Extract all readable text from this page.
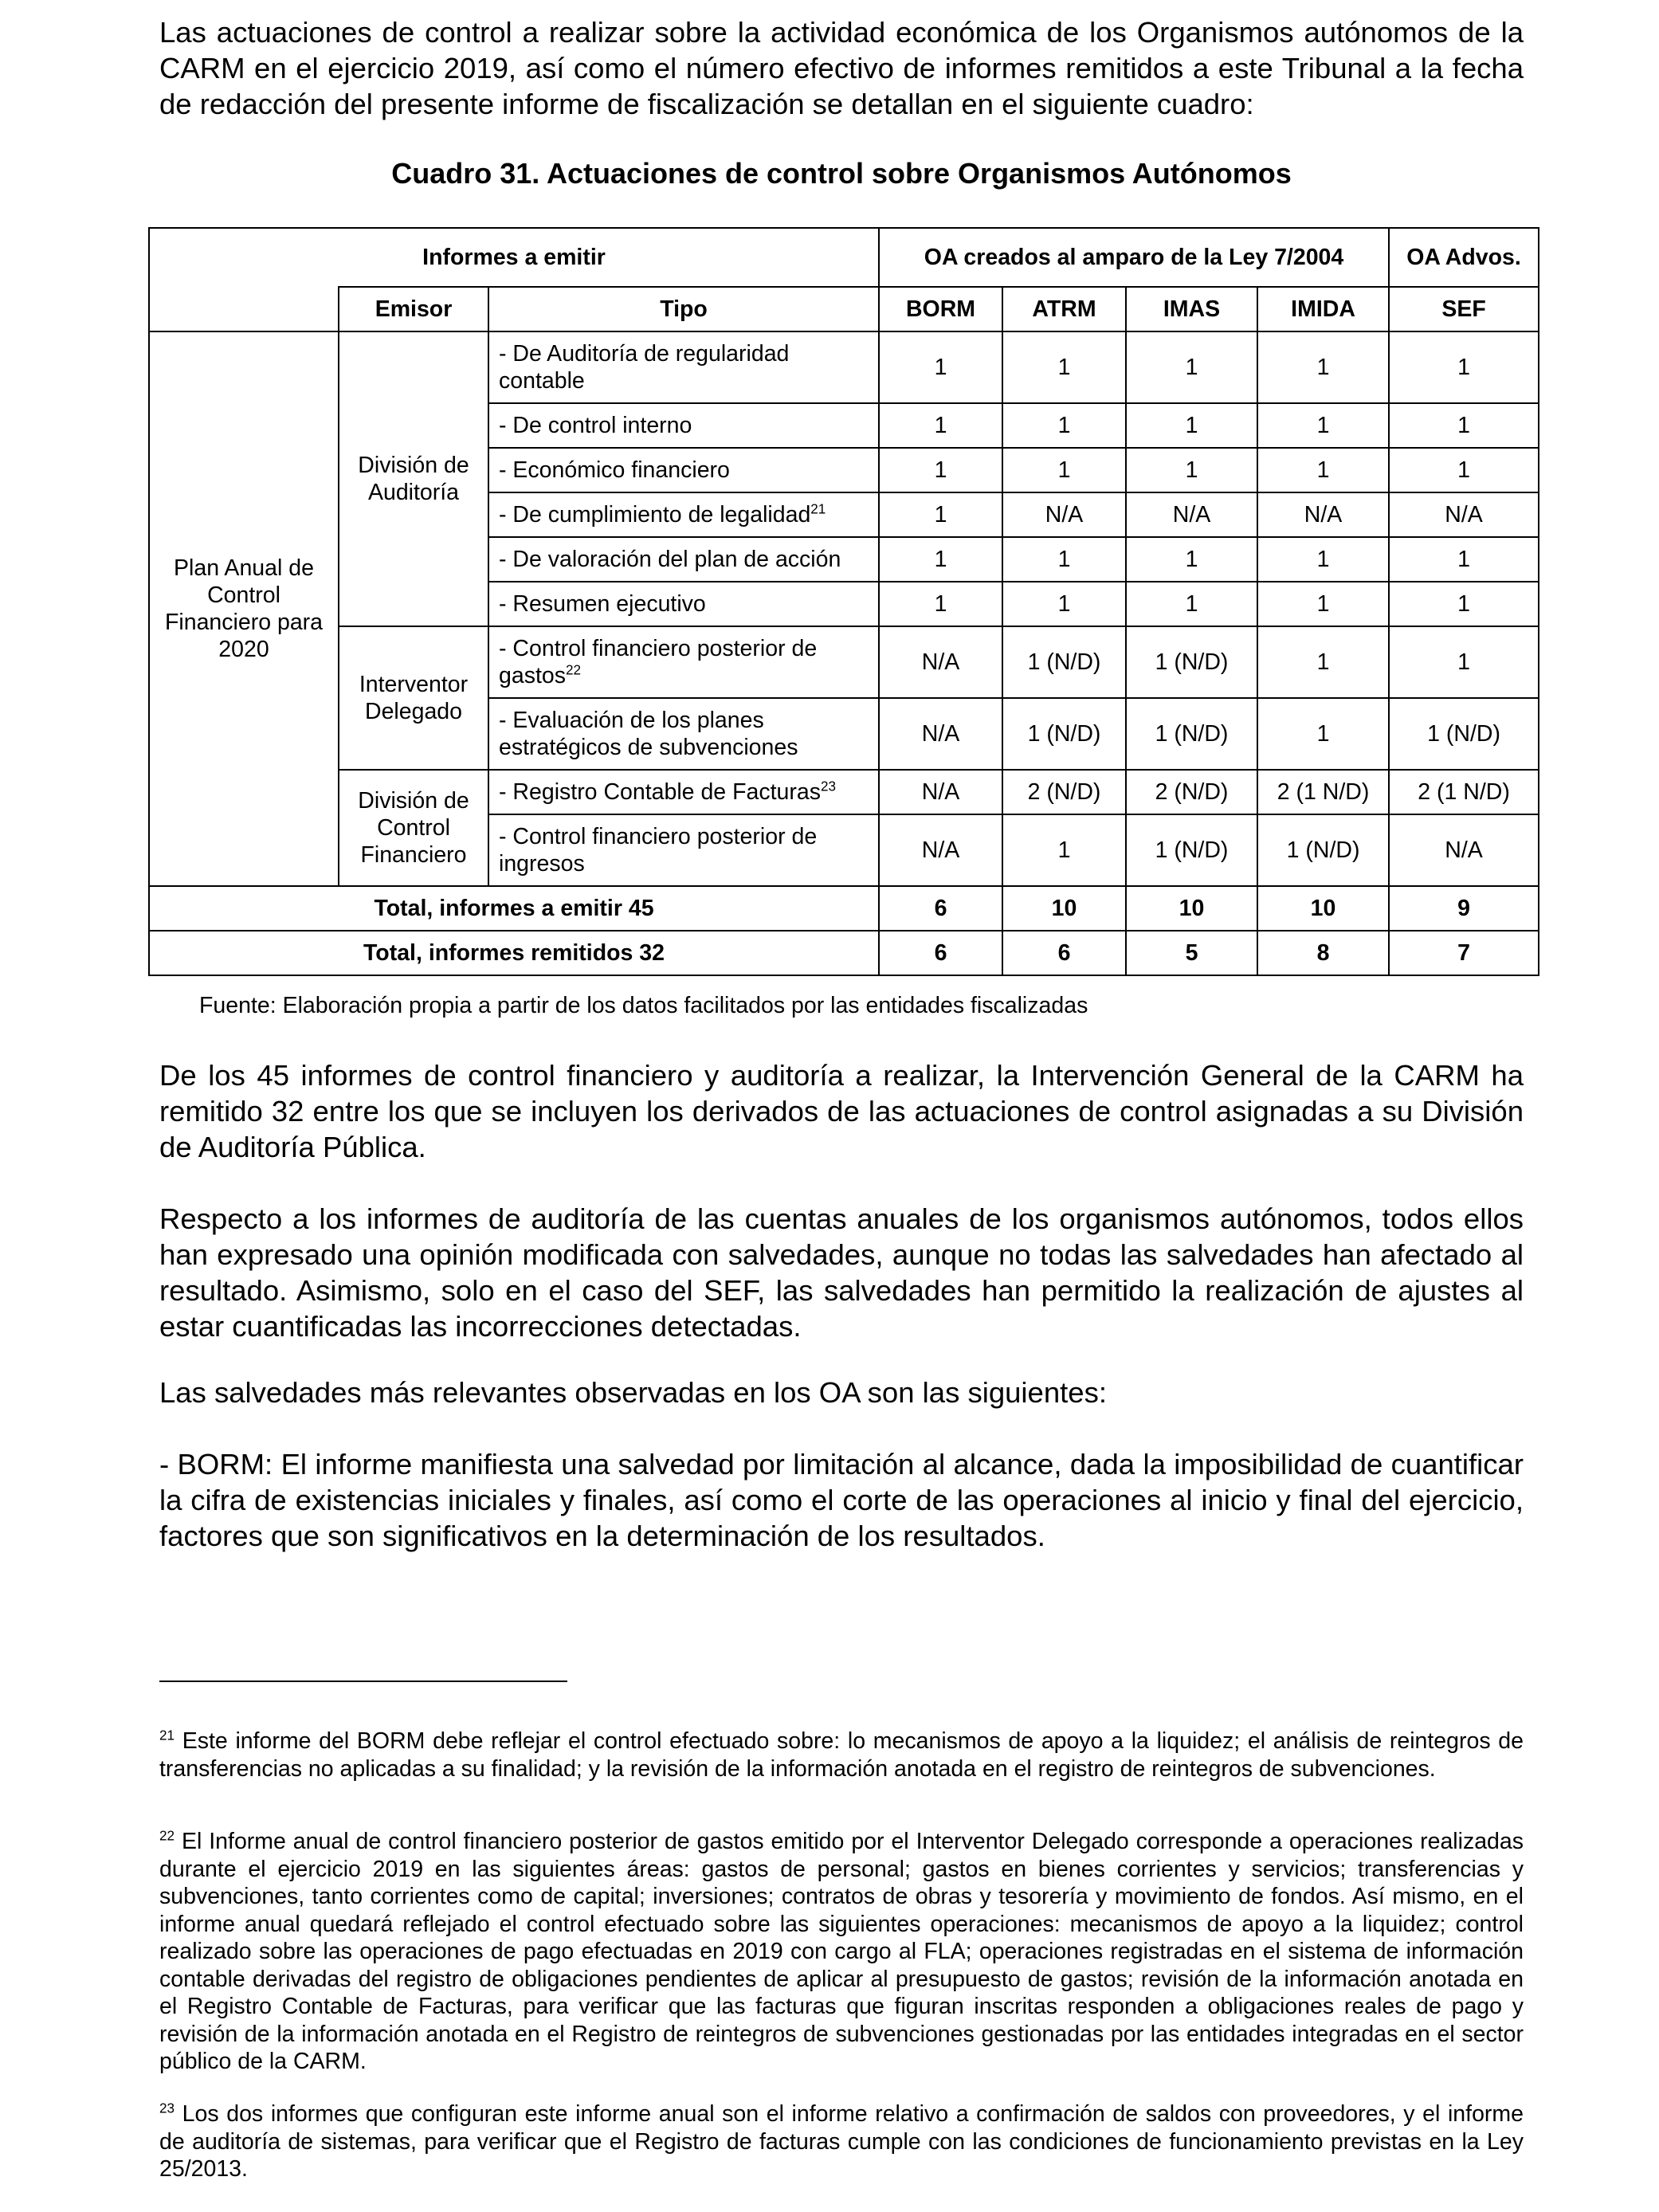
Las actuaciones de control a realizar sobre la actividad económica de los Organismos autónomos de la CARM en el ejercicio 2019, así como el número efectivo de informes remitidos a este Tribunal a la fecha de redacción del presente informe de fiscalización se detallan en el siguiente cuadro:

Cuadro 31. Actuaciones de control sobre Organismos Autónomos

Informes a emitir			OA creados al amparo de la Ley 7/2004				OA Advos.
	Emisor	Tipo	BORM	ATRM	IMAS	IMIDA	SEF
Plan Anual de Control Financiero para 2020	División de Auditoría	- De Auditoría de regularidad contable	1	1	1	1	1
		- De control interno	1	1	1	1	1
		- Económico financiero	1	1	1	1	1
		- De cumplimiento de legalidad$^{21}$	1	N/A	N/A	N/A	N/A
		- De valoración del plan de acción	1	1	1	1	1
		- Resumen ejecutivo	1	1	1	1	1
	Interventor Delegado	- Control financiero posterior de gastos$^{22}$	N/A	1 (N/D)	1 (N/D)	1	1
		- Evaluación de los planes estratégicos de subvenciones	N/A	1 (N/D)	1 (N/D)	1	1 (N/D)
	División de Control Financiero	- Registro Contable de Facturas$^{23}$	N/A	2 (N/D)	2 (N/D)	2 (1 N/D)	2 (1 N/D)
		- Control financiero posterior de ingresos	N/A	1	1 (N/D)	1 (N/D)	N/A
Total, informes a emitir 45			6	10	10	10	9
Total, informes remitidos 32			6	6	5	8	7

Fuente: Elaboración propia a partir de los datos facilitados por las entidades fiscalizadas

De los 45 informes de control financiero y auditoría a realizar, la Intervención General de la CARM ha remitido 32 entre los que se incluyen los derivados de las actuaciones de control asignadas a su División de Auditoría Pública.

Respecto a los informes de auditoría de las cuentas anuales de los organismos autónomos, todos ellos han expresado una opinión modificada con salvedades, aunque no todas las salvedades han afectado al resultado. Asimismo, solo en el caso del SEF, las salvedades han permitido la realización de ajustes al estar cuantificadas las incorrecciones detectadas.

Las salvedades más relevantes observadas en los OA son las siguientes:

- BORM: El informe manifiesta una salvedad por limitación al alcance, dada la imposibilidad de cuantificar la cifra de existencias iniciales y finales, así como el corte de las operaciones al inicio y final del ejercicio, factores que son significativos en la determinación de los resultados.

$^{21}$ Este informe del BORM debe reflejar el control efectuado sobre: lo mecanismos de apoyo a la liquidez; el análisis de reintegros de transferencias no aplicadas a su finalidad; y la revisión de la información anotada en el registro de reintegros de subvenciones.

$^{22}$ El Informe anual de control financiero posterior de gastos emitido por el Interventor Delegado corresponde a operaciones realizadas durante el ejercicio 2019 en las siguientes áreas: gastos de personal; gastos en bienes corrientes y servicios; transferencias y subvenciones, tanto corrientes como de capital; inversiones; contratos de obras y tesorería y movimiento de fondos. Así mismo, en el informe anual quedará reflejado el control efectuado sobre las siguientes operaciones: mecanismos de apoyo a la liquidez; control realizado sobre las operaciones de pago efectuadas en 2019 con cargo al FLA; operaciones registradas en el sistema de información contable derivadas del registro de obligaciones pendientes de aplicar al presupuesto de gastos; revisión de la información anotada en el Registro Contable de Facturas, para verificar que las facturas que figuran inscritas responden a obligaciones reales de pago y revisión de la información anotada en el Registro de reintegros de subvenciones gestionadas por las entidades integradas en el sector público de la CARM.

$^{23}$ Los dos informes que configuran este informe anual son el informe relativo a confirmación de saldos con proveedores, y el informe de auditoría de sistemas, para verificar que el Registro de facturas cumple con las condiciones de funcionamiento previstas en la Ley 25/2013.
